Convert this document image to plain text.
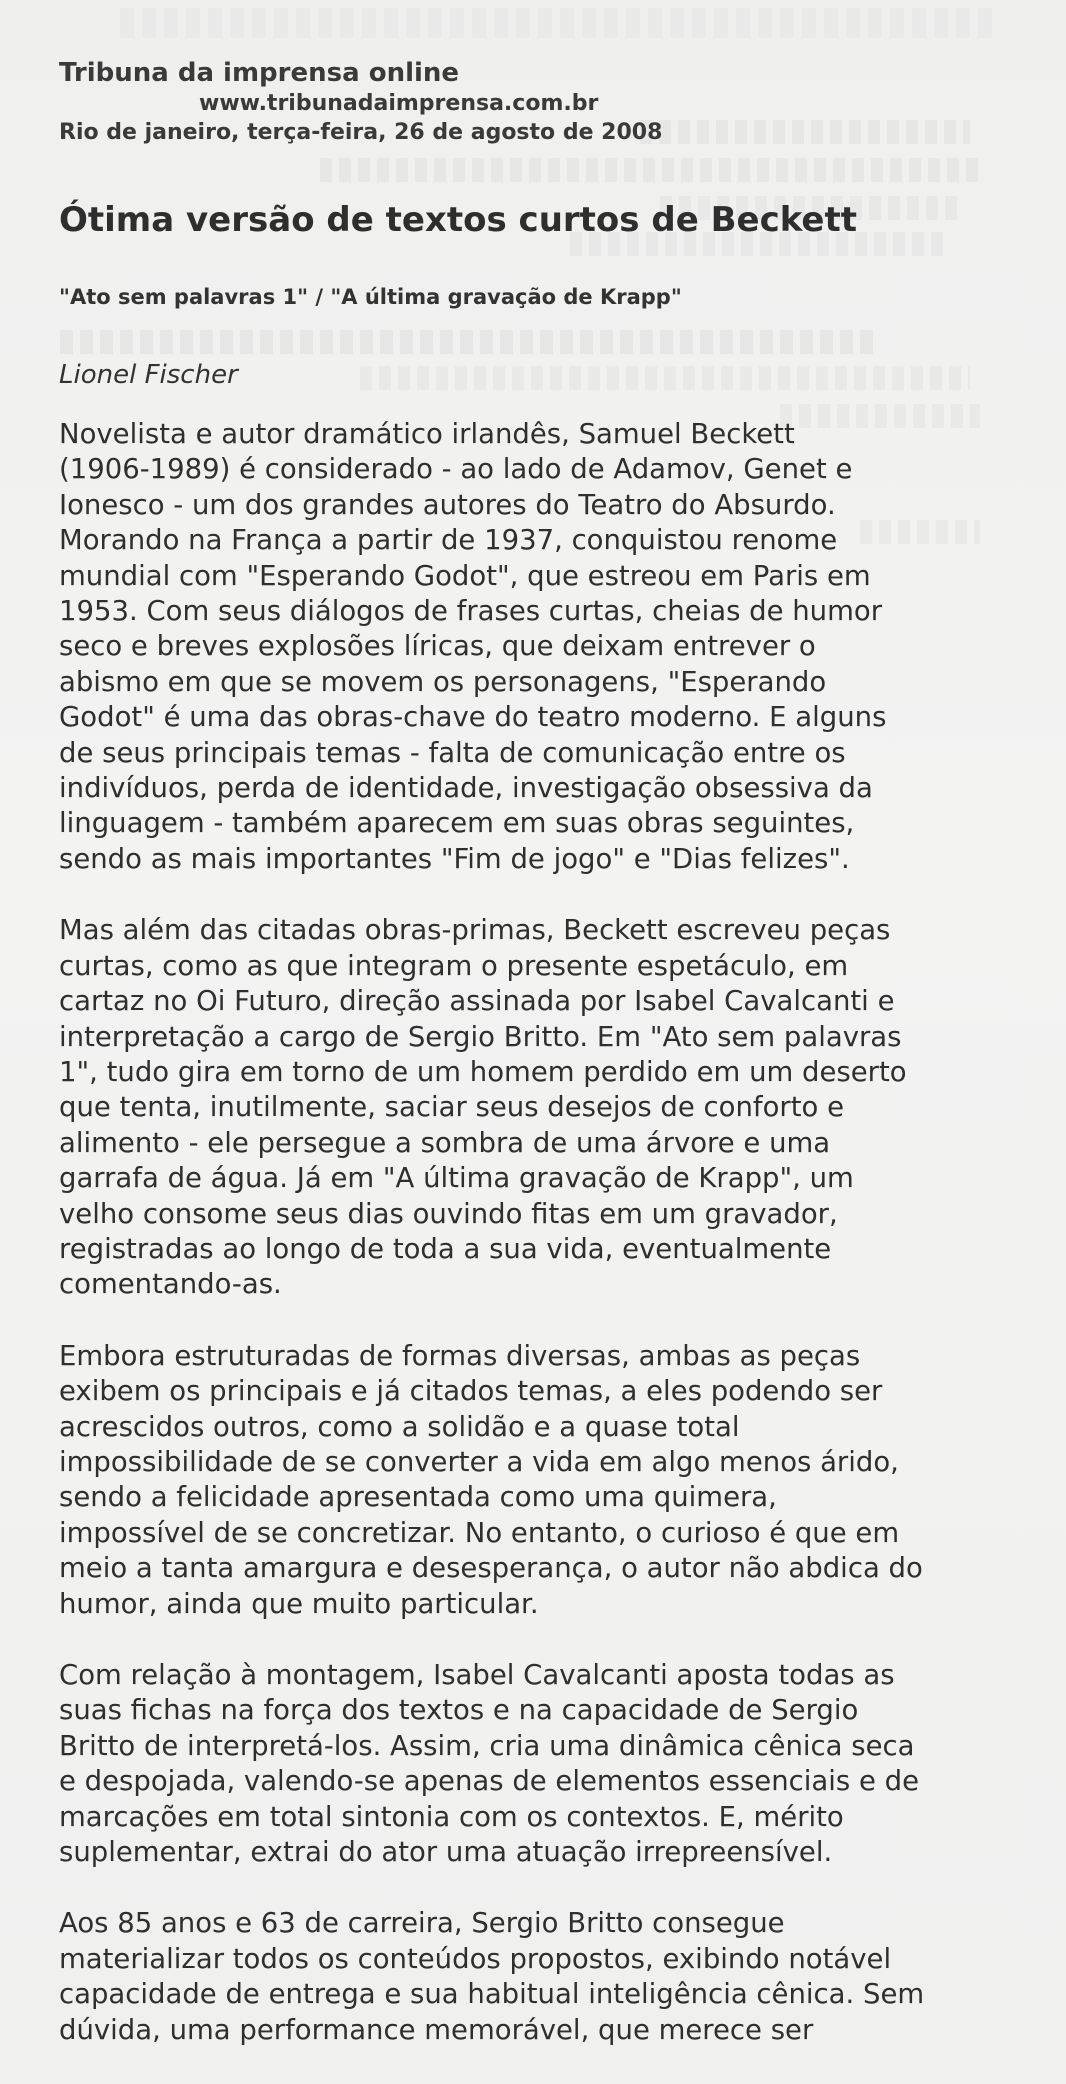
Tribuna da imprensa online
www.tribunadaimprensa.com.br
Rio de janeiro, terça-feira, 26 de agosto de 2008
Ótima versão de textos curtos de Beckett
"Ato sem palavras 1" / "A última gravação de Krapp"
Lionel Fischer
Novelista e autor dramático irlandês, Samuel Beckett
(1906-1989) é considerado - ao lado de Adamov, Genet e
Ionesco - um dos grandes autores do Teatro do Absurdo.
Morando na França a partir de 1937, conquistou renome
mundial com "Esperando Godot", que estreou em Paris em
1953. Com seus diálogos de frases curtas, cheias de humor
seco e breves explosões líricas, que deixam entrever o
abismo em que se movem os personagens, "Esperando
Godot" é uma das obras-chave do teatro moderno. E alguns
de seus principais temas - falta de comunicação entre os
indivíduos, perda de identidade, investigação obsessiva da
linguagem - também aparecem em suas obras seguintes,
sendo as mais importantes "Fim de jogo" e "Dias felizes".
Mas além das citadas obras-primas, Beckett escreveu peças
curtas, como as que integram o presente espetáculo, em
cartaz no Oi Futuro, direção assinada por Isabel Cavalcanti e
interpretação a cargo de Sergio Britto. Em "Ato sem palavras
1", tudo gira em torno de um homem perdido em um deserto
que tenta, inutilmente, saciar seus desejos de conforto e
alimento - ele persegue a sombra de uma árvore e uma
garrafa de água. Já em "A última gravação de Krapp", um
velho consome seus dias ouvindo fitas em um gravador,
registradas ao longo de toda a sua vida, eventualmente
comentando-as.
Embora estruturadas de formas diversas, ambas as peças
exibem os principais e já citados temas, a eles podendo ser
acrescidos outros, como a solidão e a quase total
impossibilidade de se converter a vida em algo menos árido,
sendo a felicidade apresentada como uma quimera,
impossível de se concretizar. No entanto, o curioso é que em
meio a tanta amargura e desesperança, o autor não abdica do
humor, ainda que muito particular.
Com relação à montagem, Isabel Cavalcanti aposta todas as
suas fichas na força dos textos e na capacidade de Sergio
Britto de interpretá-los. Assim, cria uma dinâmica cênica seca
e despojada, valendo-se apenas de elementos essenciais e de
marcações em total sintonia com os contextos. E, mérito
suplementar, extrai do ator uma atuação irrepreensível.
Aos 85 anos e 63 de carreira, Sergio Britto consegue
materializar todos os conteúdos propostos, exibindo notável
capacidade de entrega e sua habitual inteligência cênica. Sem
dúvida, uma performance memorável, que merece ser
